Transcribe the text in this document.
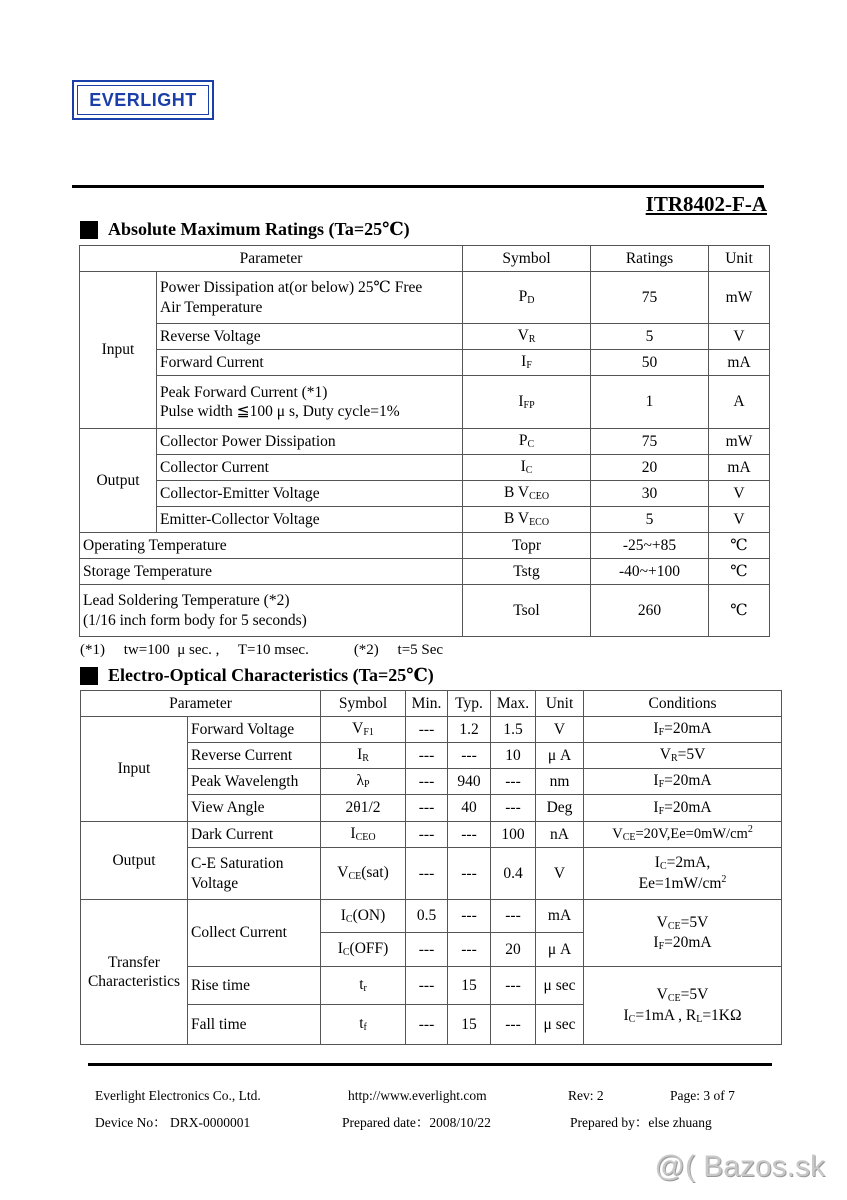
EVERLIGHT
ITR8402-F-A
Absolute Maximum Ratings (Ta=25℃)
Parameter		Symbol	Ratings	Unit
Input	Power Dissipation at(or below) 25℃ Free
Air Temperature	$P_D$	75	mW
	Reverse Voltage	$V_R$	5	V
	Forward Current	$I_F$	50	mA
	Peak Forward Current (*1)
Pulse width ≦100 μ s, Duty cycle=1%	$I_{FP}$	1	A
Output	Collector Power Dissipation	$P_C$	75	mW
	Collector Current	$I_C$	20	mA
	Collector-Emitter Voltage	B $V_{CEO}$	30	V
	Emitter-Collector Voltage	B $V_{ECO}$	5	V
Operating Temperature		Topr	-25~+85	℃
Storage Temperature		Tstg	-40~+100	℃
Lead Soldering Temperature (*2)
(1/16 inch form body for 5 seconds)		Tsol	260	℃
(*1)     tw=100  μ sec. ,     T=10 msec.            (*2)     t=5 Sec
Electro-Optical Characteristics (Ta=25℃)
Parameter		Symbol	Min.	Typ.	Max.	Unit	Conditions
Input	Forward Voltage	$V_{F1}$	---	1.2	1.5	V	$I_F=20mA$
	Reverse Current	$I_R$	---	---	10	μ A	$V_R=5V$
	Peak Wavelength	$\lambda_P$	---	940	---	nm	$I_F=20mA$
	View Angle	2θ1/2	---	40	---	Deg	$I_F=20mA$
Output	Dark Current	$I_{CEO}$	---	---	100	nA	$V_{CE}=20V,Ee=0mW/cm^2$
	C-E Saturation
Voltage	$V_{CE}(sat)$	---	---	0.4	V	$I_C=2mA$,
$Ee=1mW/cm^2$
Transfer
Characteristics	Collect Current	$I_C(ON)$	0.5	---	---	mA	$V_{CE}=5V$
$I_F=20mA$
		$I_C(OFF)$	---	---	20	μ A	
	Rise time	$t_r$	---	15	---	μ sec	$V_{CE}=5V$
$I_C=1mA$ , $R_L=1K\Omega$
	Fall time	$t_f$	---	15	---	μ sec	
Everlight Electronics Co., Ltd.	http://www.everlight.com	Rev: 2	Page: 3 of 7
Device No： DRX-0000001	Prepared date：2008/10/22	Prepared by：else zhuang
@( Bazos.sk
